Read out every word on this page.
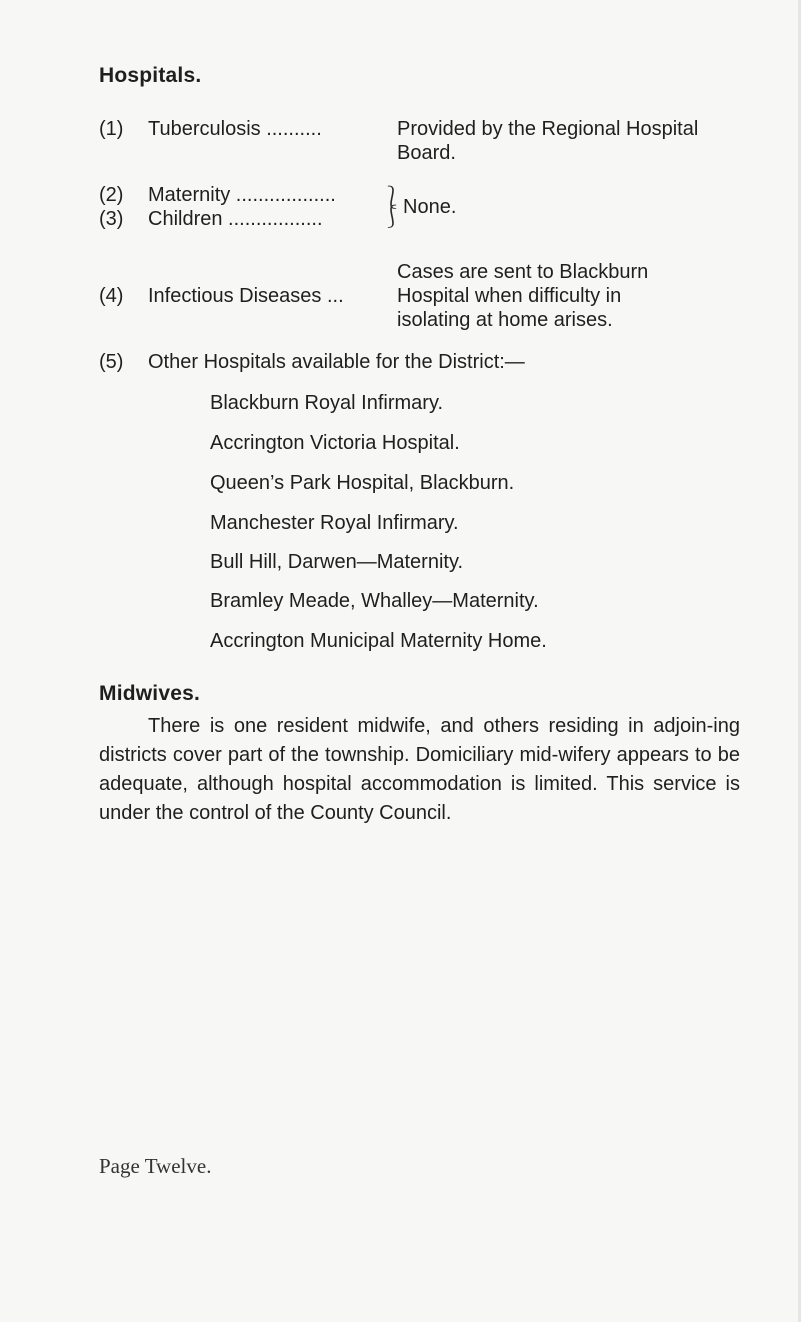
Hospitals.
(1) Tuberculosis ..........	Provided by the Regional Hospital
Board.
(2) Maternity ..................
(3) Children .................
⎱
⎰ None.
Cases are sent to Blackburn
(4) Infectious Diseases ...	Hospital when difficulty in
isolating at home arises.
(5) Other Hospitals available for the District:—
Blackburn Royal Infirmary.
Accrington Victoria Hospital.
Queen’s Park Hospital, Blackburn.
Manchester Royal Infirmary.
Bull Hill, Darwen—Maternity.
Bramley Meade, Whalley—Maternity.
Accrington Municipal Maternity Home.
Midwives.
There is one resident midwife, and others residing in adjoin-ing districts cover part of the township. Domiciliary mid-wifery appears to be adequate, although hospital accommodation is limited. This service is under the control of the County Council.
Page Twelve.
